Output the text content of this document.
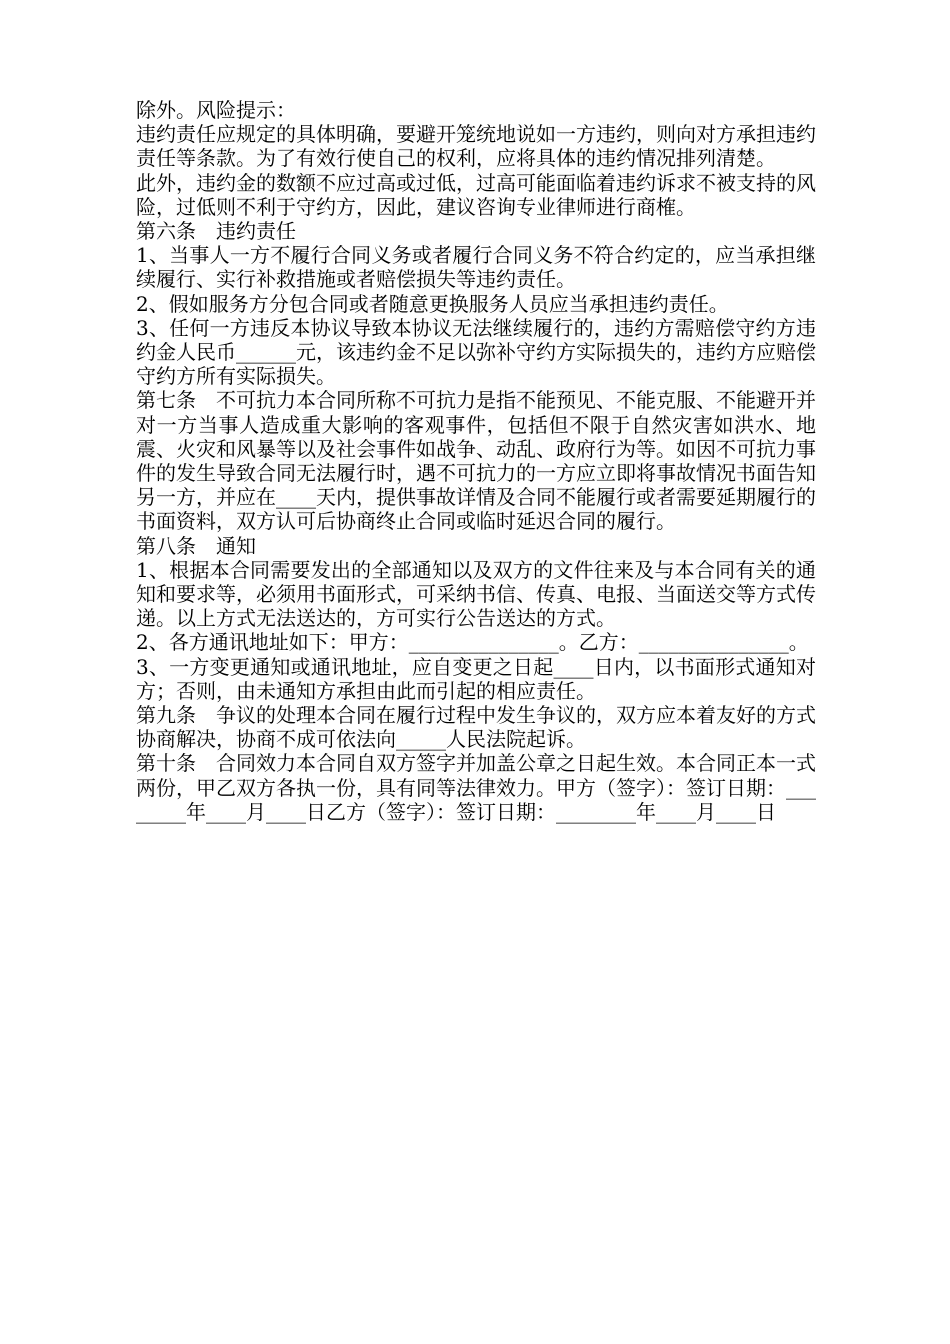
除外。风险提示：

违约责任应规定的具体明确，要避开笼统地说如一方违约，则向对方承担违约责任等条款。为了有效行使自己的权利，应将具体的违约情况排列清楚。

此外，违约金的数额不应过高或过低，过高可能面临着违约诉求不被支持的风险，过低则不利于守约方，因此，建议咨询专业律师进行商榷。

第六条　违约责任

1、当事人一方不履行合同义务或者履行合同义务不符合约定的，应当承担继续履行、实行补救措施或者赔偿损失等违约责任。

2、假如服务方分包合同或者随意更换服务人员应当承担违约责任。

3、任何一方违反本协议导致本协议无法继续履行的，违约方需赔偿守约方违约金人民币______元，该违约金不足以弥补守约方实际损失的，违约方应赔偿守约方所有实际损失。

第七条　不可抗力本合同所称不可抗力是指不能预见、不能克服、不能避开并对一方当事人造成重大影响的客观事件，包括但不限于自然灾害如洪水、地震、火灾和风暴等以及社会事件如战争、动乱、政府行为等。如因不可抗力事件的发生导致合同无法履行时，遇不可抗力的一方应立即将事故情况书面告知另一方，并应在____天内，提供事故详情及合同不能履行或者需要延期履行的书面资料，双方认可后协商终止合同或临时延迟合同的履行。

第八条　通知

1、根据本合同需要发出的全部通知以及双方的文件往来及与本合同有关的通知和要求等，必须用书面形式，可采纳书信、传真、电报、当面送交等方式传递。以上方式无法送达的，方可实行公告送达的方式。

2、各方通讯地址如下：甲方：_______________。乙方：_______________。

3、一方变更通知或通讯地址，应自变更之日起____日内，以书面形式通知对方；否则，由未通知方承担由此而引起的相应责任。

第九条　争议的处理本合同在履行过程中发生争议的，双方应本着友好的方式协商解决，协商不成可依法向_____人民法院起诉。

第十条　合同效力本合同自双方签字并加盖公章之日起生效。本合同正本一式两份，甲乙双方各执一份，具有同等法律效力。甲方（签字）：签订日期：________年____月____日乙方（签字）：签订日期：________年____月____日
